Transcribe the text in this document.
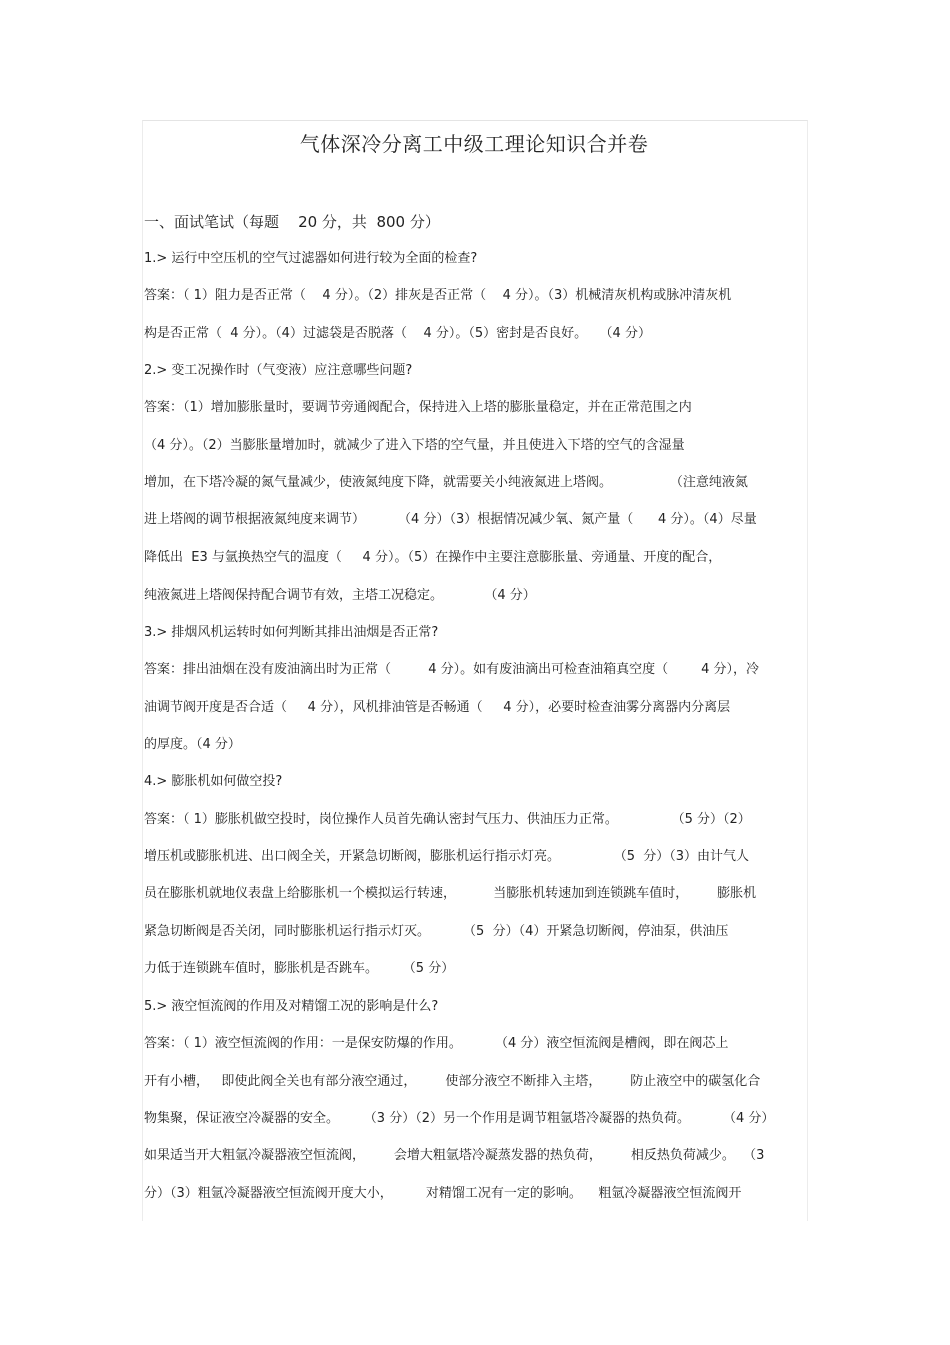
气体深冷分离工中级工理论知识合并卷
一、面试笔试（每题    20 分，共  800 分）
1.> 运行中空压机的空气过滤器如何进行较为全面的检查?
答案：（ 1）阻力是否正常（    4 分）。（2）排灰是否正常（    4 分）。（3）机械清灰机构或脉冲清灰机
构是否正常（  4 分）。（4）过滤袋是否脱落（    4 分）。（5）密封是否良好。   （4 分）
2.> 变工况操作时（气变液）应注意哪些问题?
答案：（1）增加膨胀量时，要调节旁通阀配合，保持进入上塔的膨胀量稳定，并在正常范围之内
（4 分）。（2）当膨胀量增加时，就减少了进入下塔的空气量，并且使进入下塔的空气的含湿量
增加，在下塔冷凝的氮气量减少，使液氮纯度下降，就需要关小纯液氮进上塔阀。              （注意纯液氮
进上塔阀的调节根据液氮纯度来调节）        （4 分）（3）根据情况减少氧、氮产量（      4 分）。（4）尽量
降低出  E3 与氩换热空气的温度（     4 分）。（5）在操作中主要注意膨胀量、旁通量、开度的配合，
纯液氮进上塔阀保持配合调节有效，主塔工况稳定。          （4 分）
3.> 排烟风机运转时如何判断其排出油烟是否正常?
答案：排出油烟在没有废油滴出时为正常（         4 分）。如有废油滴出可检查油箱真空度（        4 分），冷
油调节阀开度是否合适（     4 分），风机排油管是否畅通（     4 分），必要时检查油雾分离器内分离层
的厚度。（4 分）
4.> 膨胀机如何做空投?
答案：（ 1）膨胀机做空投时，岗位操作人员首先确认密封气压力、供油压力正常。             （5 分）（2）
增压机或膨胀机进、出口阀全关，开紧急切断阀，膨胀机运行指示灯亮。             （5  分）（3）由计气人
员在膨胀机就地仪表盘上给膨胀机一个模拟运行转速，         当膨胀机转速加到连锁跳车值时，       膨胀机
紧急切断阀是否关闭，同时膨胀机运行指示灯灭。        （5  分）（4）开紧急切断阀，停油泵，供油压
力低于连锁跳车值时，膨胀机是否跳车。      （5 分）
5.> 液空恒流阀的作用及对精馏工况的影响是什么?
答案：（ 1）液空恒流阀的作用：一是保安防爆的作用。        （4 分）液空恒流阀是槽阀，即在阀芯上
开有小槽，   即使此阀全关也有部分液空通过，       使部分液空不断排入主塔，       防止液空中的碳氢化合
物集聚，保证液空冷凝器的安全。      （3 分）（2）另一个作用是调节粗氩塔冷凝器的热负荷。        （4 分）
如果适当开大粗氩冷凝器液空恒流阀，       会增大粗氩塔冷凝蒸发器的热负荷，       相反热负荷减少。  （3
分）（3）粗氩冷凝器液空恒流阀开度大小，        对精馏工况有一定的影响。    粗氩冷凝器液空恒流阀开
